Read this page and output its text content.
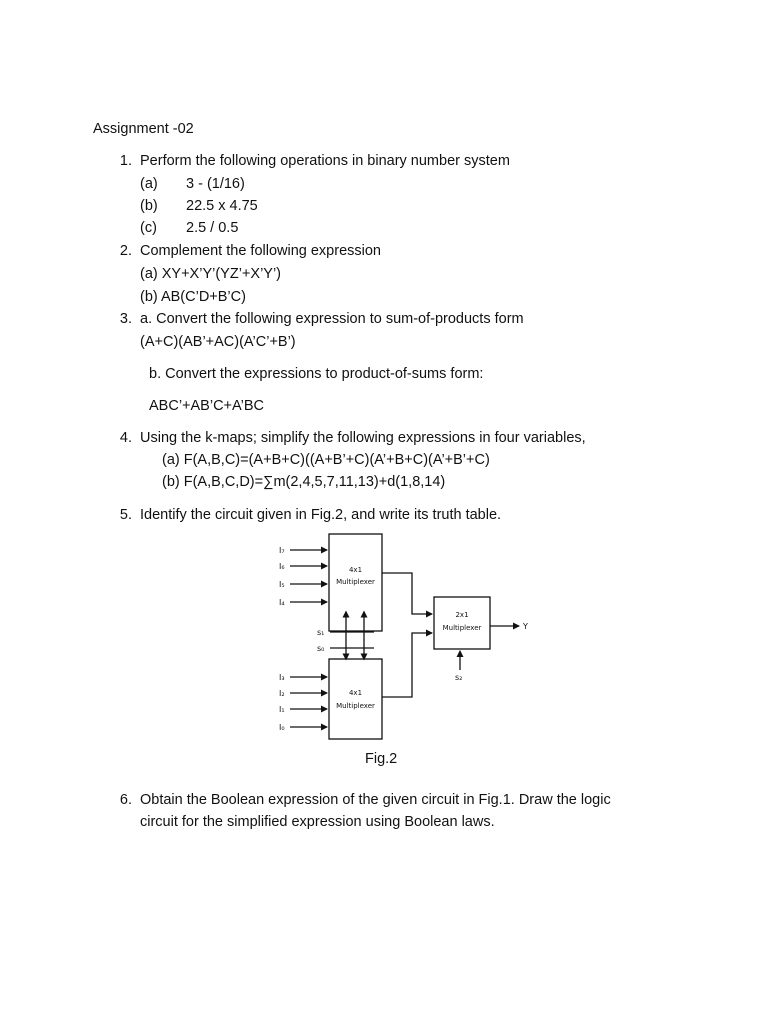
Assignment -02
1. Perform the following operations in binary number system
(a) 3 - (1/16)
(b) 22.5 x 4.75
(c) 2.5 / 0.5
2. Complement the following expression
(a) XY+X’Y’(YZ’+X’Y’)
(b) AB(C’D+B’C)
3. a. Convert the following expression to sum-of-products form
(A+C)(AB’+AC)(A’C’+B’)
b. Convert the expressions to product-of-sums form:
ABC’+AB’C+A’BC
4. Using the k-maps; simplify the following expressions in four variables,
(a) F(A,B,C)=(A+B+C)((A+B’+C)(A’+B+C)(A’+B’+C)
(b) F(A,B,C,D)=∑m(2,4,5,7,11,13)+d(1,8,14)
5. Identify the circuit given in Fig.2, and write its truth table.
4x1
Multiplexer
4x1
Multiplexer
2x1
Multiplexer
I₇
I₆
I₅
I₄
I₃
I₂
I₁
I₀
s₁
s₀
s₂
Y
Fig.2
6. Obtain the Boolean expression of the given circuit in Fig.1. Draw the logic
circuit for the simplified expression using Boolean laws.
